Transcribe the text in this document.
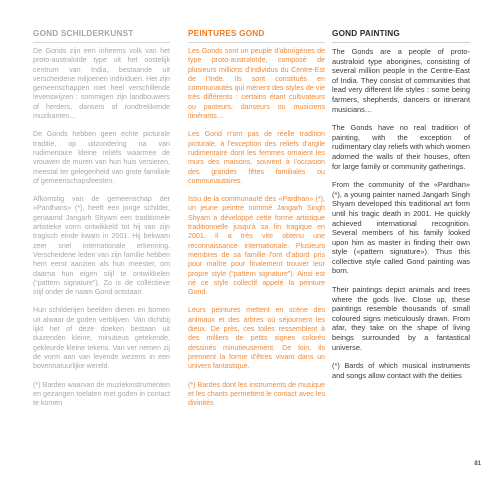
GOND SCHILDERKUNST

De Gonds zijn een inheems volk van het proto-australoïde type uit het oostelijk centrum van India, bestaande uit verscheidene miljoenen individuen. Het zijn gemeenschappen met heel verschillende levenswijzen : sommigen zijn landbouwers of herders, dansers of rondtrekkende muzikanten…

De Gonds hebben geen echte picturale traditie, op uitzondering na van rudimentaire kleine reliëfs waarmee de vrouwen de muren van hun huis versieren, meestal ter gelegenheid van grote familiale of gemeenschapsfeesten.

Afkomstig van de gemeenschap der «Pardhans» (*), heeft een jonge schilder, genaamd Jangarh Shyam een traditionele artistieke vorm ontwikkeld tot hij van zijn tragisch einde kwam in 2001. Hij bekwam zeer snel internationale erkenning. Verscheidene leden van zijn familie hebben hem eerst aanzien als hun meester, om daarna hun eigen stijl te ontwikkelen (“pattern signature”). Zo is de collectieve stijl onder de naam Gond ontstaan.

Hun schilderijen beelden dieren en bomen uit alwaar de goden verblijven. Van dichtbij lijkt het of deze doeken bestaan uit duizenden kleine, minutieus getekende, gekleurde kleine tekens. Van ver nemen zij de vorm aan van levende wezens in een bovennatuurlijke wereld.

(*) Barden waarvan de muziekinstrumenten en gezangen toelaten met goden in contact te komen

PEINTURES GOND

Les Gonds sont un peuple d'aborigènes de type proto-australoïde, composé de plusieurs millions d'individus du Centre-Est de l'Inde. Ils sont constitués en communautés qui mènent des styles de vie très différents : certains étant cultivateurs ou pasteurs, danseurs ou musiciens itinérants…

Les Gond n'ont pas de réelle tradition picturale, à l'exception des reliefs d'argile rudimentaire dont les femmes ornaient les murs des maisons, souvent à l'occasion des grandes fêtes familiales ou communautaires.

Issu de la communauté des «Pardhan» (*), un jeune peintre nommé Jangarh Singh Shyam a développé cette forme artistique traditionnelle jusqu'à sa fin tragique en 2001. Il a très vite obtenu une reconnaissance internationale. Plusieurs membres de sa famille l'ont d'abord pris pour maître pour finalement trouver leur propre style (“pattern signature”). Ainsi est né ce style collectif appelé la peinture Gond.

Leurs peintures mettent en scène des animaux et des arbres où séjournent les dieux. De près, ces toiles ressemblent à des milliers de petits signes colorés dessinés minutieusement. De loin, ils prennent la forme d'êtres vivant dans un univers fantastique.

(*) Bardes dont les instruments de musique et les chants permettent le contact avec les divinités

GOND PAINTING

The Gonds are a people of proto-australoid type aborigines, consisting of several million people in the Centre-East of India. They consist of communities that lead very different life styles : some being farmers, shepherds, dancers or itinerant musicians…

The Gonds have no real tradition of painting, with the exception of rudimentary clay reliefs with which women adorned the walls of their houses, often for large family or community gatherings.

From the community of the «Pardhan» (*), a young painter named Jangarh Singh Shyam developed this traditional art form until his tragic death in 2001. He quickly achieved international recognition. Several members of his family looked upon him as master in finding their own style («pattern signature»). Thus this collective style called Gond painting was born.

Their paintings depict animals and trees where the gods live. Close up, these paintings resemble thousands of small coloured signs meticulously drawn. From afar, they take on the shape of living beings surrounded by a fantastical universe.

(*) Bards of which musical instruments and songs allow contact with the deities

81
